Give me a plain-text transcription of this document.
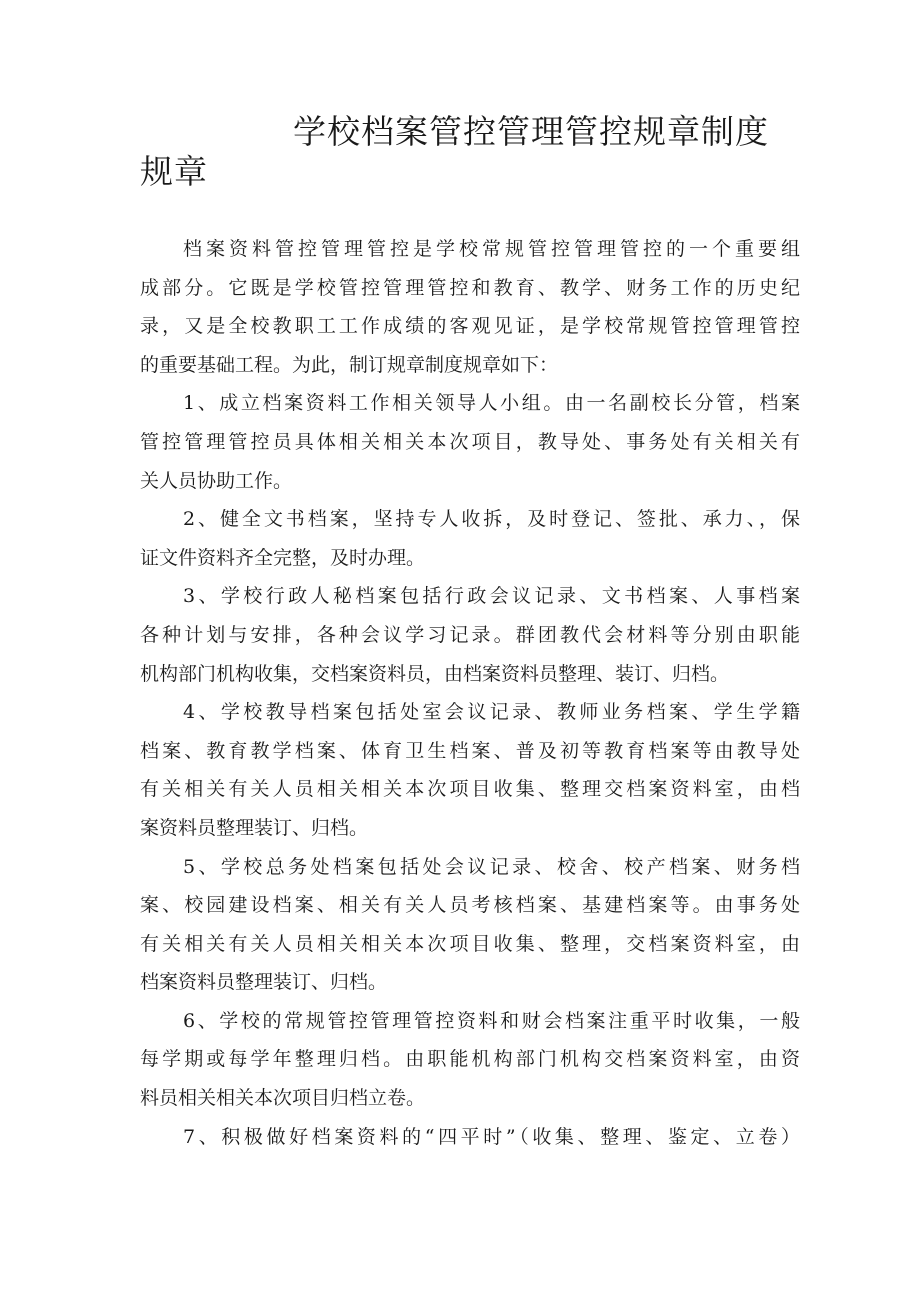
学校档案管控管理管控规章制度
规章
档案资料管控管理管控是学校常规管控管理管控的一个重要组
成部分。它既是学校管控管理管控和教育、教学、财务工作的历史纪
录，又是全校教职工工作成绩的客观见证，是学校常规管控管理管控
的重要基础工程。为此，制订规章制度规章如下：
1、成立档案资料工作相关领导人小组。由一名副校长分管，档案
管控管理管控员具体相关相关本次项目，教导处、事务处有关相关有
关人员协助工作。
2、健全文书档案，坚持专人收拆，及时登记、签批、承力、，保
证文件资料齐全完整，及时办理。
3、学校行政人秘档案包括行政会议记录、文书档案、人事档案
各种计划与安排，各种会议学习记录。群团教代会材料等分别由职能
机构部门机构收集，交档案资料员，由档案资料员整理、装订、归档。
4、学校教导档案包括处室会议记录、教师业务档案、学生学籍
档案、教育教学档案、体育卫生档案、普及初等教育档案等由教导处
有关相关有关人员相关相关本次项目收集、整理交档案资料室，由档
案资料员整理装订、归档。
5、学校总务处档案包括处会议记录、校舍、校产档案、财务档
案、校园建设档案、相关有关人员考核档案、基建档案等。由事务处
有关相关有关人员相关相关本次项目收集、整理，交档案资料室，由
档案资料员整理装订、归档。
6、学校的常规管控管理管控资料和财会档案注重平时收集，一般
每学期或每学年整理归档。由职能机构部门机构交档案资料室，由资
料员相关相关本次项目归档立卷。
7、积极做好档案资料的“四平时”（收集、整理、鉴定、立卷）
